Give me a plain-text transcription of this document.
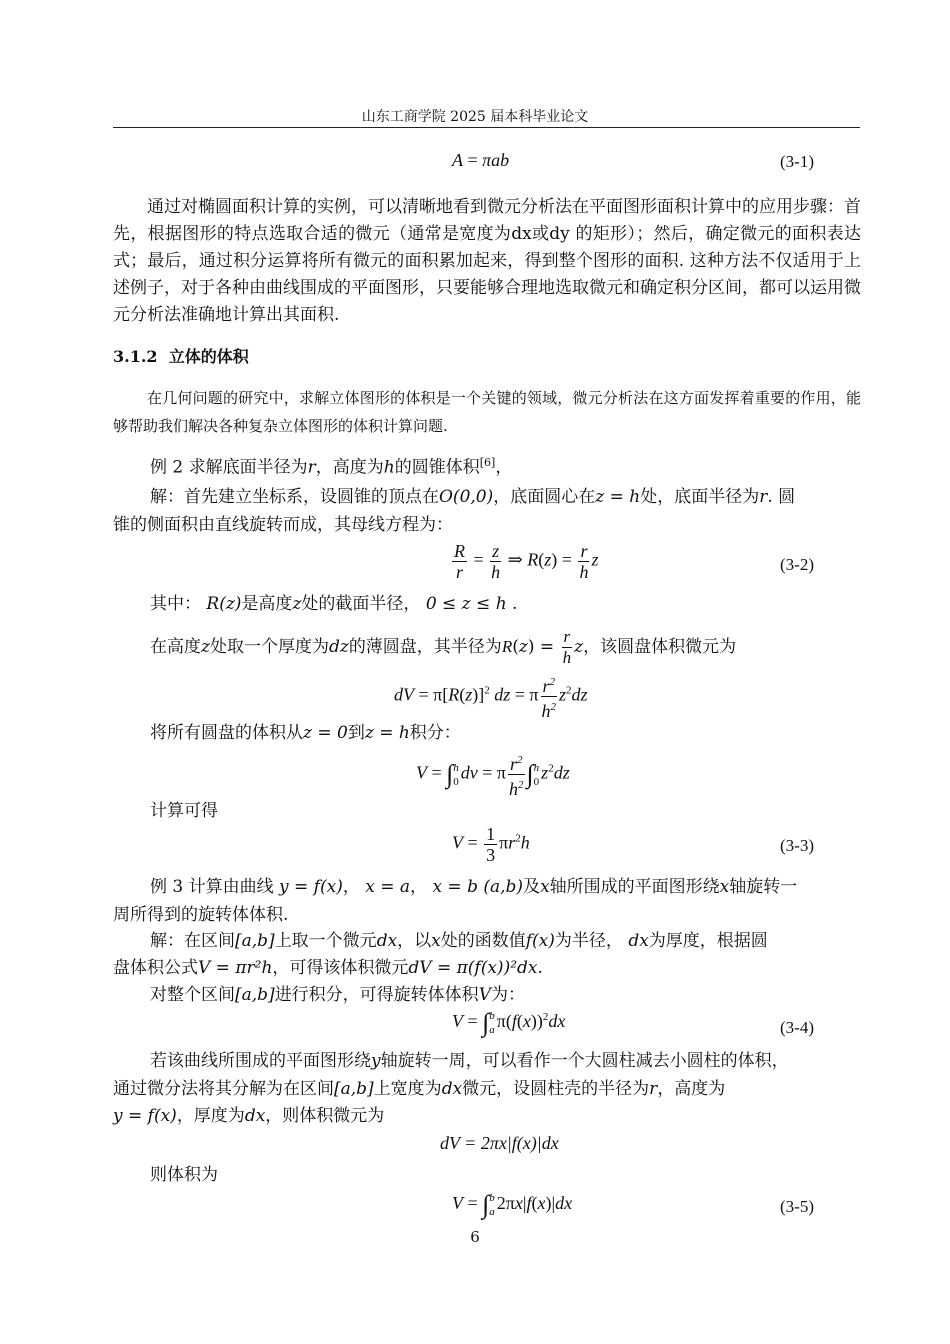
山东工商学院 2025 届本科毕业论文
A = πab	(3-1)
通过对椭圆面积计算的实例，可以清晰地看到微元分析法在平面图形面积计算中的应用步骤：首先，根据图形的特点选取合适的微元（通常是宽度为dx或dy 的矩形）；然后，确定微元的面积表达式；最后，通过积分运算将所有微元的面积累加起来，得到整个图形的面积. 这种方法不仅适用于上述例子，对于各种由曲线围成的平面图形，只要能够合理地选取微元和确定积分区间，都可以运用微元分析法准确地计算出其面积.
3.1.2 立体的体积
在几何问题的研究中，求解立体图形的体积是一个关键的领域，微元分析法在这方面发挥着重要的作用，能够帮助我们解决各种复杂立体图形的体积计算问题.
例 2 求解底面半径为r，高度为h的圆锥体积[6]，
解：首先建立坐标系，设圆锥的顶点在O(0,0)，底面圆心在z = h处，底面半径为r. 圆
锥的侧面积由直线旋转而成，其母线方程为：
$\frac{R}{r} = \frac{z}{h}$ ⇒ $R(z) = \frac{r}{h}$ z	(3-2)
其中： R(z)是高度z处的截面半径， 0 ≤ z ≤ h .
在高度z处取一个厚度为dz的薄圆盘，其半径为$R(z) = \frac{r}{h}$ z，该圆盘体积微元为
dV = $\pi[R(z)]^2$ dz = π $\frac{r^2}{h^2} z^2dz$
将所有圆盘的体积从z = 0到z = h积分：
V = ∫ h
0 dv = π $\frac{r^2}{h^2}$ ∫ h
0 $z^2dz$
计算可得
$V = \frac{1}{3} \pi r^2h$	(3-3)
例 3 计算由曲线 y = f(x)， x = a， x = b (a,b)及x轴所围成的平面图形绕x轴旋转一
周所得到的旋转体体积.
解：在区间[a,b]上取一个微元dx，以x处的函数值f(x)为半径， dx为厚度，根据圆
盘体积公式V = πr²h，可得该体积微元dV = π(f(x))²dx.
对整个区间[a,b]进行积分，可得旋转体体积V为：
V = ∫ b
a $\pi(f(x))^2dx$	(3-4)
若该曲线所围成的平面图形绕y轴旋转一周，可以看作一个大圆柱减去小圆柱的体积，
通过微分法将其分解为在区间[a,b]上宽度为dx微元，设圆柱壳的半径为r，高度为
y = f(x)，厚度为dx，则体积微元为
dV = 2πx|f(x)|dx
则体积为
V = ∫ b
a 2πx|f(x)|dx	(3-5)
6
